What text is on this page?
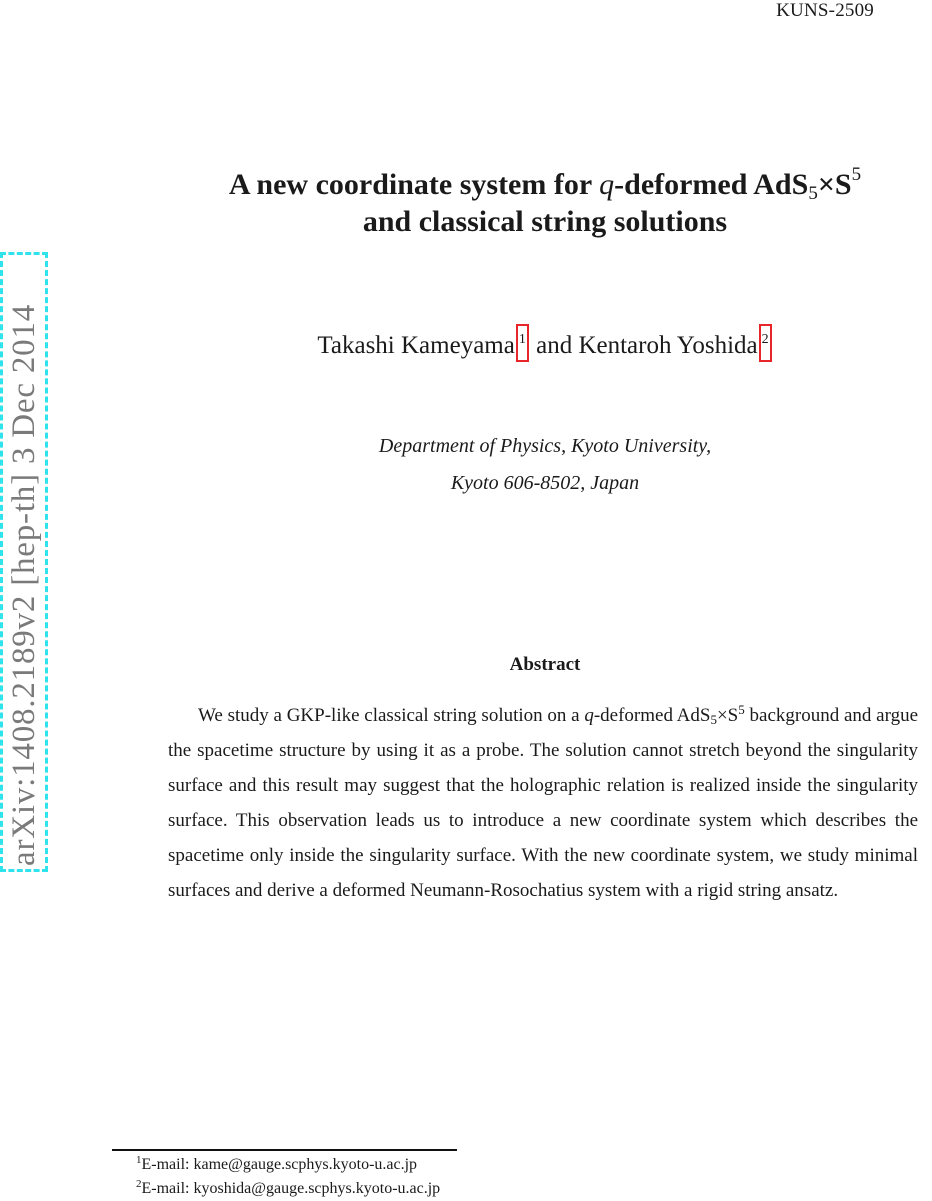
KUNS-2509
arXiv:1408.2189v2 [hep-th] 3 Dec 2014
A new coordinate system for q-deformed $AdS_5\times S^5$
and classical string solutions
Takashi Kameyama 1 and Kentaroh Yoshida 2
Department of Physics, Kyoto University,
Kyoto 606-8502, Japan
Abstract

We study a GKP-like classical string solution on a q-deformed $AdS_5\times S^5$ background and argue the spacetime structure by using it as a probe. The solution cannot stretch beyond the singularity surface and this result may suggest that the holographic relation is realized inside the singularity surface. This observation leads us to introduce a new coordinate system which describes the spacetime only inside the singularity surface. With the new coordinate system, we study minimal surfaces and derive a deformed Neumann-Rosochatius system with a rigid string ansatz.

$^1$E-mail: kame@gauge.scphys.kyoto-u.ac.jp
$^2$E-mail: kyoshida@gauge.scphys.kyoto-u.ac.jp
